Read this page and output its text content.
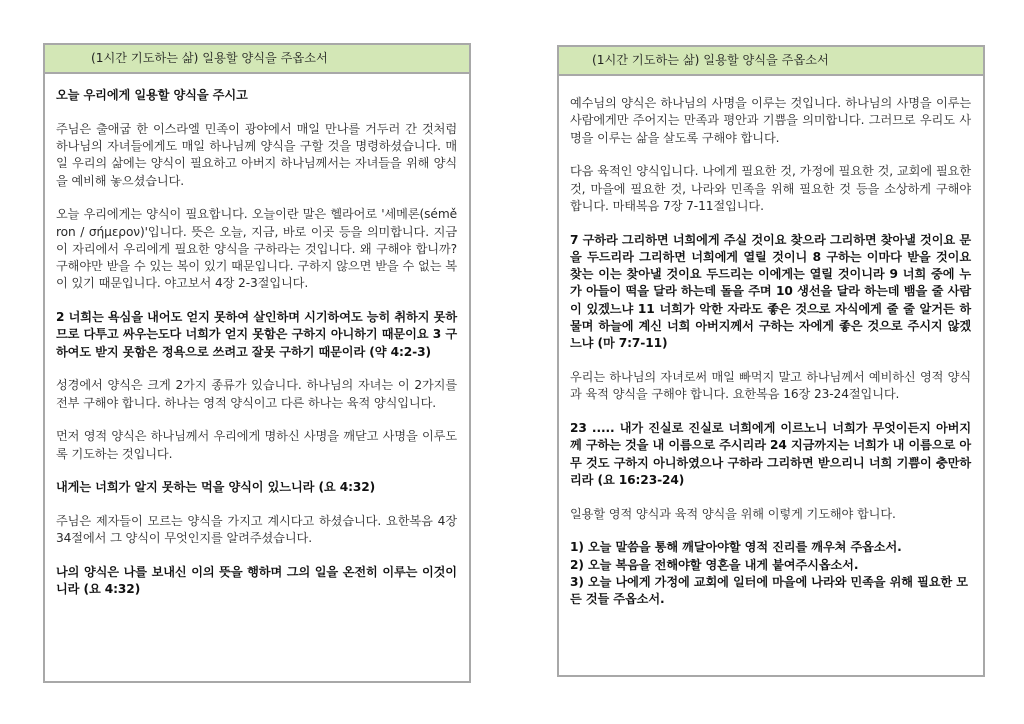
(1시간 기도하는 삶) 일용할 양식을 주옵소서

오늘 우리에게 일용할 양식을 주시고

주님은 출애굽 한 이스라엘 민족이 광야에서 매일 만나를 거두러 간 것처럼 하나님의 자녀들에게도 매일 하나님께 양식을 구할 것을 명령하셨습니다. 매일 우리의 삶에는 양식이 필요하고 아버지 하나님께서는 자녀들을 위해 양식을 예비해 놓으셨습니다.

오늘 우리에게는 양식이 필요합니다. 오늘이란 말은 헬라어로 '세메론(séměron / σήμερον)'입니다. 뜻은 오늘, 지금, 바로 이곳 등을 의미합니다. 지금 이 자리에서 우리에게 필요한 양식을 구하라는 것입니다. 왜 구해야 합니까? 구해야만 받을 수 있는 복이 있기 때문입니다. 구하지 않으면 받을 수 없는 복이 있기 때문입니다. 야고보서 4장 2-3절입니다.

2 너희는 욕심을 내어도 얻지 못하여 살인하며 시기하여도 능히 취하지 못하므로 다투고 싸우는도다 너희가 얻지 못함은 구하지 아니하기 때문이요 3 구하여도 받지 못함은 정욕으로 쓰려고 잘못 구하기 때문이라 (약 4:2-3)

성경에서 양식은 크게 2가지 종류가 있습니다. 하나님의 자녀는 이 2가지를 전부 구해야 합니다. 하나는 영적 양식이고 다른 하나는 육적 양식입니다.

먼저 영적 양식은 하나님께서 우리에게 명하신 사명을 깨닫고 사명을 이루도록 기도하는 것입니다.

내게는 너희가 알지 못하는 먹을 양식이 있느니라 (요 4:32)

주님은 제자들이 모르는 양식을 가지고 계시다고 하셨습니다. 요한복음 4장 34절에서 그 양식이 무엇인지를 알려주셨습니다.

나의 양식은 나를 보내신 이의 뜻을 행하며 그의 일을 온전히 이루는 이것이니라 (요 4:32)

(1시간 기도하는 삶) 일용할 양식을 주옵소서

예수님의 양식은 하나님의 사명을 이루는 것입니다. 하나님의 사명을 이루는 사람에게만 주어지는 만족과 평안과 기쁨을 의미합니다. 그러므로 우리도 사명을 이루는 삶을 살도록 구해야 합니다.

다음 육적인 양식입니다. 나에게 필요한 것, 가정에 필요한 것, 교회에 필요한 것, 마을에 필요한 것, 나라와 민족을 위해 필요한 것 등을 소상하게 구해야 합니다. 마태복음 7장 7-11절입니다.

7 구하라 그리하면 너희에게 주실 것이요 찾으라 그리하면 찾아낼 것이요 문을 두드리라 그리하면 너희에게 열릴 것이니 8 구하는 이마다 받을 것이요 찾는 이는 찾아낼 것이요 두드리는 이에게는 열릴 것이니라 9 너희 중에 누가 아들이 떡을 달라 하는데 돌을 주며 10 생선을 달라 하는데 뱀을 줄 사람이 있겠느냐 11 너희가 악한 자라도 좋은 것으로 자식에게 줄 줄 알거든 하물며 하늘에 계신 너희 아버지께서 구하는 자에게 좋은 것으로 주시지 않겠느냐 (마 7:7-11)

우리는 하나님의 자녀로써 매일 빠먹지 말고 하나님께서 예비하신 영적 양식과 육적 양식을 구해야 합니다. 요한복음 16장 23-24절입니다.

23 ..... 내가 진실로 진실로 너희에게 이르노니 너희가 무엇이든지 아버지께 구하는 것을 내 이름으로 주시리라 24 지금까지는 너희가 내 이름으로 아무 것도 구하지 아니하였으나 구하라 그리하면 받으리니 너희 기쁨이 충만하리라 (요 16:23-24)

일용할 영적 양식과 육적 양식을 위해 이렇게 기도해야 합니다.

1) 오늘 말씀을 통해 깨달아야할 영적 진리를 깨우쳐 주옵소서.
2) 오늘 복음을 전해야할 영혼을 내게 붙여주시옵소서.
3) 오늘 나에게 가정에 교회에 일터에 마을에 나라와 민족을 위해 필요한 모든 것들 주옵소서.
